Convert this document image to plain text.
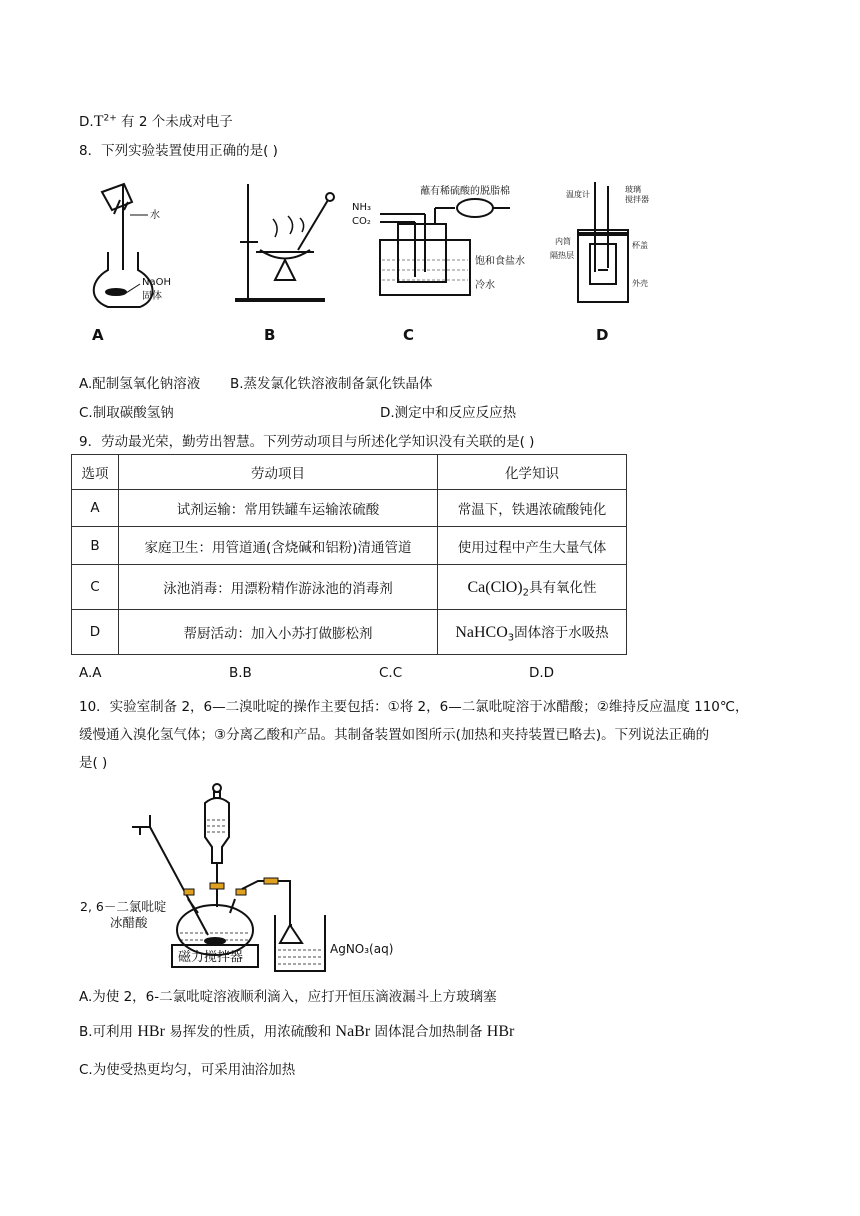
$D.T^{2+}$ 有 2 个未成对电子
8．下列实验装置使用正确的是( )
水
NaOH
固体
NH₃
CO₂
蘸有稀硫酸的脱脂棉
饱和食盐水
冷水
温度计
玻璃
搅拌器
内筒
隔热层
杯盖
外壳
A	B	C	D
A.配制氢氧化钠溶液 B.蒸发氯化铁溶液制备氯化铁晶体
C.制取碳酸氢钠	D.测定中和反应反应热
9．劳动最光荣，勤劳出智慧。下列劳动项目与所述化学知识没有关联的是( )
选项	劳动项目	化学知识
A	试剂运输：常用铁罐车运输浓硫酸	常温下，铁遇浓硫酸钝化
B	家庭卫生：用管道通(含烧碱和铝粉)清通管道	使用过程中产生大量气体
C	泳池消毒：用漂粉精作游泳池的消毒剂	$Ca(ClO)_2$具有氧化性
D	帮厨活动：加入小苏打做膨松剂	NaHCO$_3$固体溶于水吸热
A.A	B.B	C.C	D.D
10．实验室制备 2，6—二溴吡啶的操作主要包括：①将 2，6—二氯吡啶溶于冰醋酸；②维持反应温度 110℃，
缓慢通入溴化氢气体；③分离乙酸和产品。其制备装置如图所示(加热和夹持装置已略去)。下列说法正确的
是( )
2, 6－二氯吡啶
冰醋酸
磁力搅拌器
AgNO₃(aq)
A.为使 2，6-二氯吡啶溶液顺利滴入，应打开恒压滴液漏斗上方玻璃塞
B.可利用 HBr 易挥发的性质，用浓硫酸和 NaBr 固体混合加热制备 HBr
C.为使受热更均匀，可采用油浴加热
